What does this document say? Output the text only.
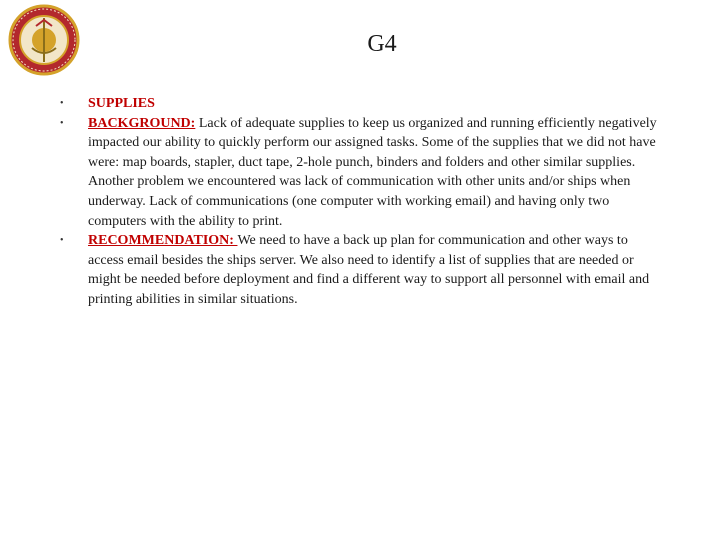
G4
•	SUPPLIES
•	BACKGROUND: Lack of adequate supplies to keep us organized and running efficiently negatively impacted our ability to quickly perform our assigned tasks. Some of the supplies that we did not have were: map boards, stapler, duct tape, 2-hole punch, binders and folders and other similar supplies. Another problem we encountered was lack of communication with other units and/or ships when underway. Lack of communications (one computer with working email) and having only two computers with the ability to print.
•	RECOMMENDATION: We need to have a back up plan for communication and other ways to access email besides the ships server. We also need to identify a list of supplies that are needed or might be needed before deployment and find a different way to support all personnel with email and printing abilities in similar situations.
